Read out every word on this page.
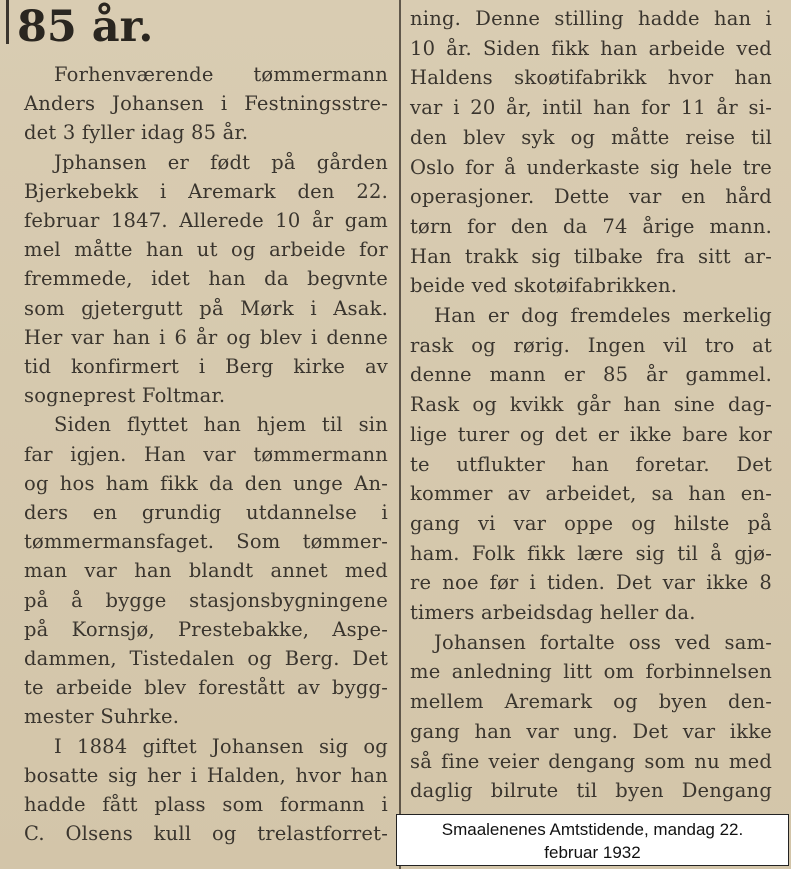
85 år.
Forhenværende tømmermann
Anders Johansen i Festningsstre-
det 3 fyller idag 85 år.
Jphansen er født på gården
Bjerkebekk i Aremark den 22.
februar 1847. Allerede 10 år gam
mel måtte han ut og arbeide for
fremmede, idet han da begvnte
som gjetergutt på Mørk i Asak.
Her var han i 6 år og blev i denne
tid konfirmert i Berg kirke av
sogneprest Foltmar.
Siden flyttet han hjem til sin
far igjen. Han var tømmermann
og hos ham fikk da den unge An-
ders en grundig utdannelse i
tømmermansfaget. Som tømmer-
man var han blandt annet med
på å bygge stasjonsbygningene
på Kornsjø, Prestebakke, Aspe-
dammen, Tistedalen og Berg. Det
te arbeide blev forestått av bygg-
mester Suhrke.
I 1884 giftet Johansen sig og
bosatte sig her i Halden, hvor han
hadde fått plass som formann i
C. Olsens kull og trelastforret-
ning. Denne stilling hadde han i
10 år. Siden fikk han arbeide ved
Haldens skoøtifabrikk hvor han
var i 20 år, intil han for 11 år si-
den blev syk og måtte reise til
Oslo for å underkaste sig hele tre
operasjoner. Dette var en hård
tørn for den da 74 årige mann.
Han trakk sig tilbake fra sitt ar-
beide ved skotøifabrikken.
Han er dog fremdeles merkelig
rask og rørig. Ingen vil tro at
denne mann er 85 år gammel.
Rask og kvikk går han sine dag-
lige turer og det er ikke bare kor
te utflukter han foretar. Det
kommer av arbeidet, sa han en-
gang vi var oppe og hilste på
ham. Folk fikk lære sig til å gjø-
re noe før i tiden. Det var ikke 8
timers arbeidsdag heller da.
Johansen fortalte oss ved sam-
me anledning litt om forbinnelsen
mellem Aremark og byen den-
gang han var ung. Det var ikke
så fine veier dengang som nu med
daglig bilrute til byen Dengang
Smaalenenes Amtstidende, mandag 22.
februar 1932
